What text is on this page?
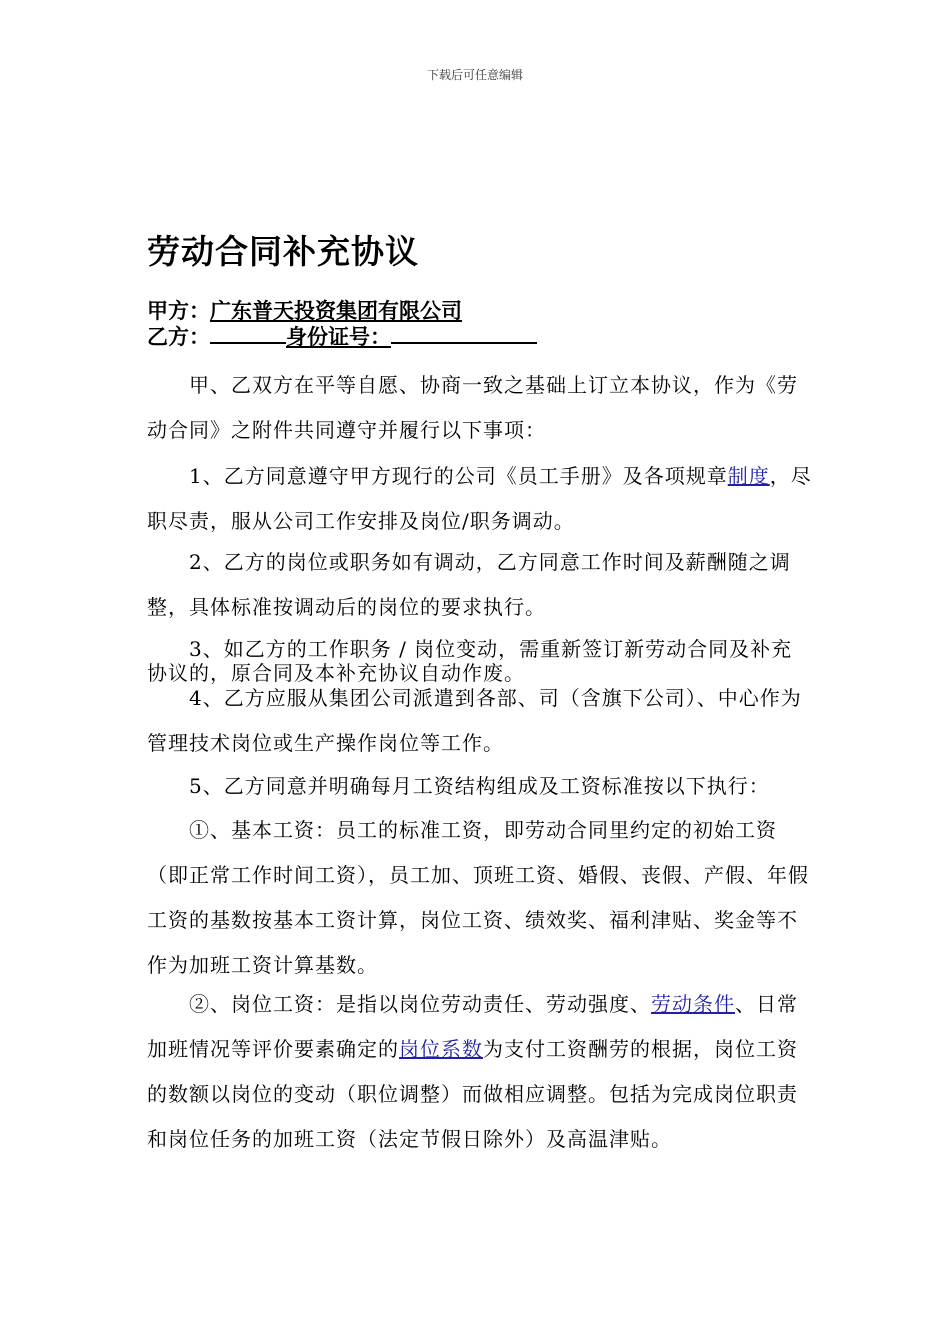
下载后可任意编辑
劳动合同补充协议
甲方：广东普天投资集团有限公司
乙方：	身份证号：

甲、乙双方在平等自愿、协商一致之基础上订立本协议，作为《劳动合同》之附件共同遵守并履行以下事项：

1、乙方同意遵守甲方现行的公司《员工手册》及各项规章制度，尽职尽责，服从公司工作安排及岗位/职务调动。

2、乙方的岗位或职务如有调动，乙方同意工作时间及薪酬随之调整，具体标准按调动后的岗位的要求执行。

3、如乙方的工作职务 / 岗位变动，需重新签订新劳动合同及补充协议的，原合同及本补充协议自动作废。

4、乙方应服从集团公司派遣到各部、司（含旗下公司）、中心作为管理技术岗位或生产操作岗位等工作。

5、乙方同意并明确每月工资结构组成及工资标准按以下执行：

①、基本工资：员工的标准工资，即劳动合同里约定的初始工资（即正常工作时间工资），员工加、顶班工资、婚假、丧假、产假、年假工资的基数按基本工资计算，岗位工资、绩效奖、福利津贴、奖金等不作为加班工资计算基数。

②、岗位工资：是指以岗位劳动责任、劳动强度、劳动条件、日常加班情况等评价要素确定的岗位系数为支付工资酬劳的根据，岗位工资的数额以岗位的变动（职位调整）而做相应调整。包括为完成岗位职责和岗位任务的加班工资（法定节假日除外）及高温津贴。
